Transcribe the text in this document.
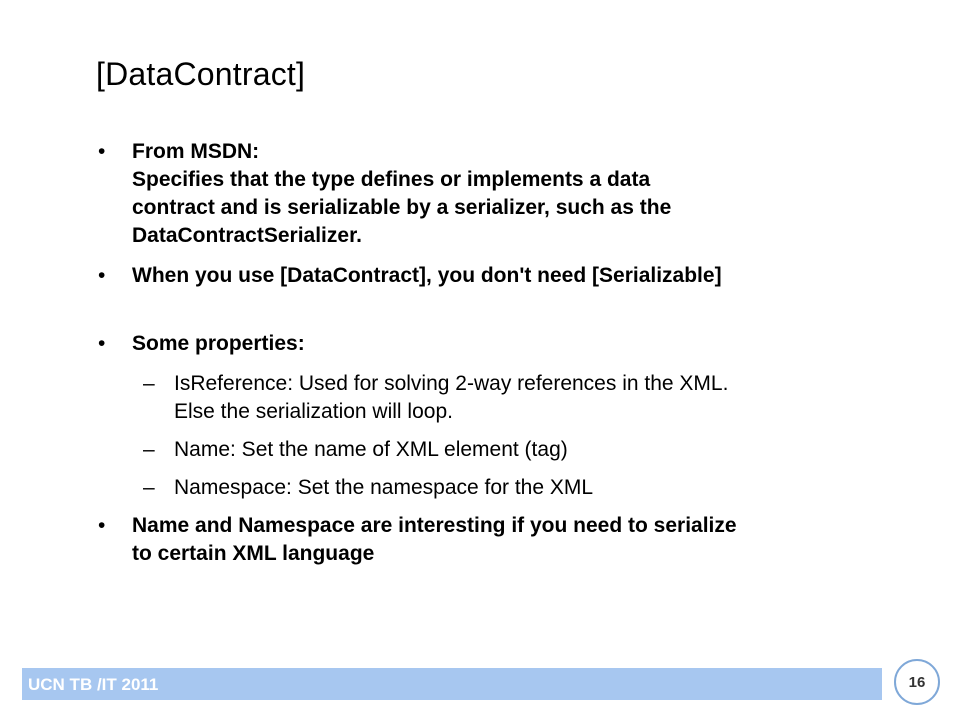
[DataContract]
• From MSDN:
Specifies that the type defines or implements a data
contract and is serializable by a serializer, such as the
DataContractSerializer.
• When you use [DataContract], you don't need [Serializable]
• Some properties:
– IsReference: Used for solving 2-way references in the XML.
Else the serialization will loop.
– Name: Set the name of XML element (tag)
– Namespace: Set the namespace for the XML
• Name and Namespace are interesting if you need to serialize
to certain XML language
UCN TB /IT 2011	16
